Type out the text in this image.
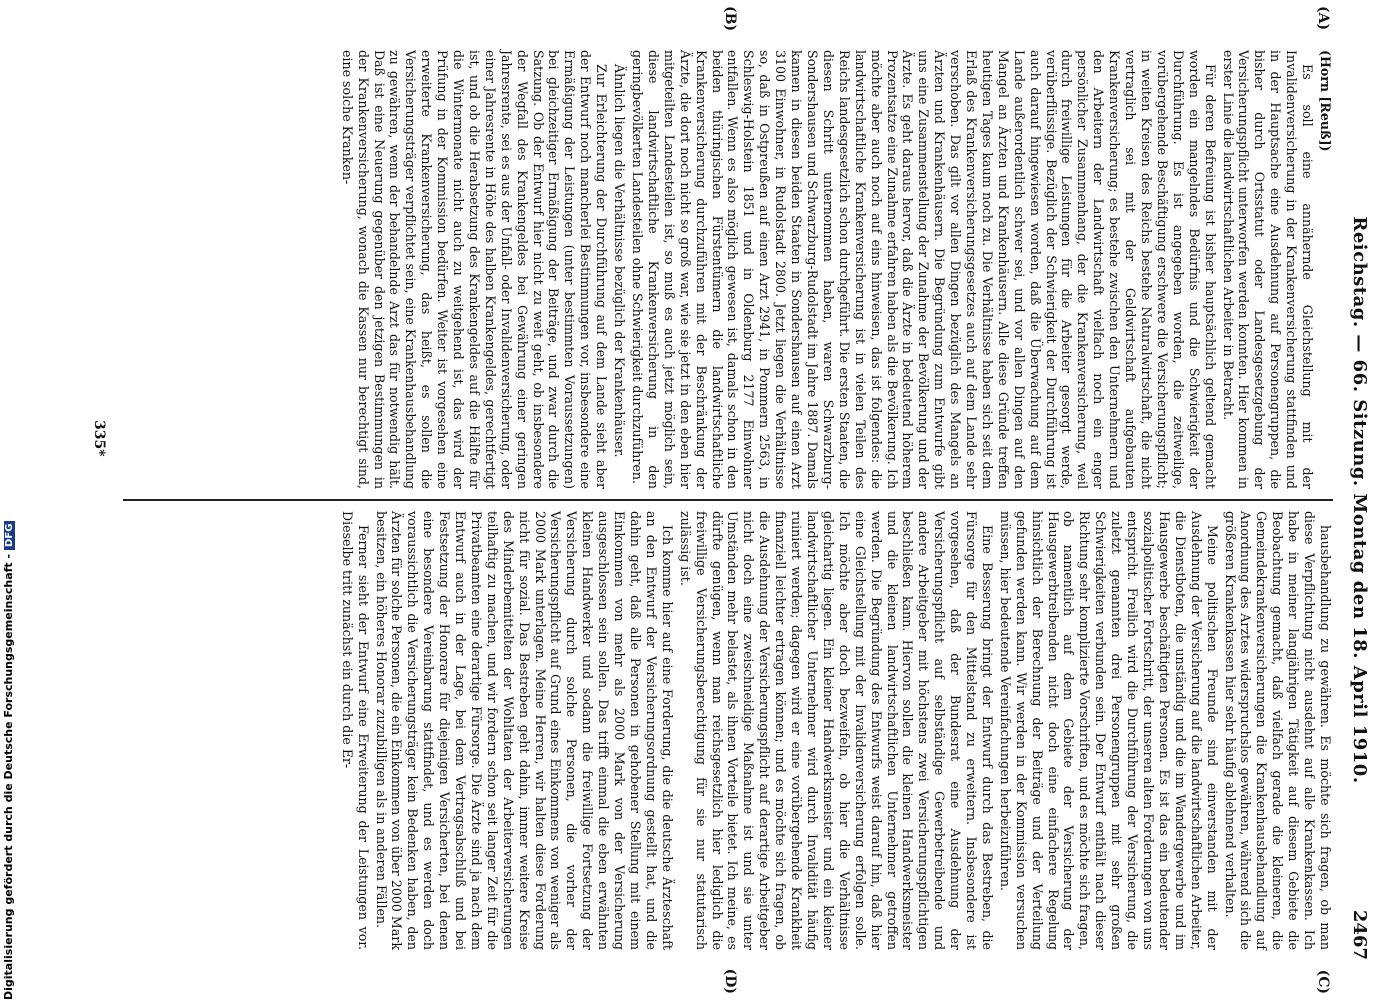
Digitalisierung gefördert durch die Deutsche Forschungsgemeinschaft -DFG	Reichstag. — 66. Sitzung. Montag den 18. April 1910.
2467
(A)
(B)
(C)
(D)

(Horn [Reuß])

Es soll eine annähernde Gleichstellung mit der Invalidenversicherung in der Krankenversicherung stattfinden und in der Hauptsache eine Ausdehnung auf Personengruppen, die bisher durch Ortsstatut oder Landesgesetzgebung der Versicherungspflicht unterworfen werden konnten. Hier kommen in erster Linie die landwirtschaftlichen Arbeiter in Betracht.

Für deren Befreiung ist bisher hauptsächlich geltend gemacht worden ein mangelndes Bedürfnis und die Schwierigkeit der Durchführung. Es ist angegeben worden, die zeitweilige, vorübergehende Beschäftigung erschwere die Versicherungspflicht; in weiten Kreisen des Reichs bestehe Naturalwirtschaft, die nicht vertraglich sei mit der Geldwirtschaft aufgebauten Krankenversicherung; es bestehe zwischen den Unternehmern und den Arbeitern der Landwirtschaft vielfach noch ein enger persönlicher Zusammenhang, der die Krankenversicherung, weil durch freiwillige Leistungen für die Arbeiter gesorgt werde, verüberflüssige. Bezüglich der Schwierigkeit der Durchführung ist auch darauf hingewiesen worden, daß die Überwachung auf dem Lande außerordentlich schwer sei, und vor allen Dingen auf den Mangel an Ärzten und Krankenhäusern. Alle diese Gründe treffen heutigen Tages kaum noch zu. Die Verhältnisse haben sich seit dem Erlaß des Krankenversicherungsgesetzes auch auf dem Lande sehr verschoben. Das gilt vor allen Dingen bezüglich des Mangels an Ärzten und Krankenhäusern. Die Begründung zum Entwurfe gibt uns eine Zusammenstellung der Zunahme der Bevölkerung und der Ärzte. Es geht daraus hervor, daß die Ärzte in bedeutend höherem Prozentsatze eine Zunahme erfahren haben als die Bevölkerung. Ich möchte aber auch noch auf eins hinweisen, das ist folgendes: die landwirtschaftliche Krankenversicherung ist in vielen Teilen des Reichs landesgesetzlich schon durchgeführt. Die ersten Staaten, die diesen Schritt unternommen haben, waren Schwarzburg-Sondershausen und Schwarzburg-Rudolstadt im Jahre 1887. Damals kamen in diesen beiden Staaten in Sondershausen auf einen Arzt 3100 Einwohner, in Rudolstadt 2800. Jetzt liegen die Verhältnisse so, daß in Ostpreußen auf einen Arzt 2941, in Pommern 2563, in Schleswig-Holstein 1851 und in Oldenburg 2177 Einwohner entfallen. Wenn es also möglich gewesen ist, damals schon in den beiden thüringischen Fürstentümern die landwirtschaftliche Krankenversicherung durchzuführen mit der Beschränkung der Ärzte, die dort noch nicht so groß war, wie sie jetzt in den eben hier mitgeteilten Landesteilen ist, so muß es auch jetzt möglich sein, diese landwirtschaftliche Krankenversicherung in den geringbevölkerten Landesteilen ohne Schwierigkeit durchzuführen.

Ähnlich liegen die Verhältnisse bezüglich der Krankenhäuser.

Zur Erleichterung der Durchführung auf dem Lande sieht aber der Entwurf noch mancherlei Bestimmungen vor, insbesondere eine Ermäßigung der Leistungen (unter bestimmten Voraussetzungen) bei gleichzeitiger Ermäßigung der Beiträge, und zwar durch die Satzung. Ob der Entwurf hier nicht zu weit geht, ob insbesondere der Wegfall des Krankengeldes bei Gewährung einer geringen Jahresrente, sei es aus der Unfall- oder Invalidenversicherung, oder einer Jahresrente in Höhe des halben Krankengeldes, gerechtfertigt ist, und ob die Herabsetzung des Krankengeldes auf die Hälfte für die Wintermonate nicht auch zu weitgehend ist, das wird der Prüfung in der Kommission bedürfen. Weiter ist vorgesehen eine erweiterte Krankenversicherung, das heißt, es sollen die Versicherungsträger verpflichtet sein, eine Krankenhausbehandlung zu gewähren, wenn der behandelnde Arzt das für notwendig hält. Daß ist eine Neuerung gegenüber den jetzigen Bestimmungen in der Krankenversicherung, wonach die Kassen nur berechtigt sind, eine solche Kranken-

hausbehandlung zu gewähren. Es möchte sich fragen, ob man diese Verpflichtung nicht ausdehnt auf alle Krankenkassen. Ich habe in meiner langjährigen Tätigkeit auf diesem Gebiete die Beobachtung gemacht, daß vielfach gerade die kleineren, die Gemeindekrankenversicherungen die Krankenhausbehandlung auf Anordnung des Arztes widerspruchslos gewähren, während sich die größeren Krankenkassen hier sehr häufig ablehnend verhalten.

Meine politischen Freunde sind einverstanden mit der Ausdehnung der Versicherung auf die landwirtschaftlichen Arbeiter, die Dienstboten, die unständig und die im Wandergewerbe und im Hausgewerbe beschäftigten Personen. Es ist das ein bedeutender sozialpolitischer Fortschritt, der unseren alten Forderungen von uns entspricht. Freilich wird die Durchführung der Versicherung, die zuletzt genannten drei Personengruppen mit sehr großen Schwierigkeiten verbunden sein. Der Entwurf enthält nach dieser Richtung sehr komplizierte Vorschriften, und es möchte sich fragen, ob namentlich auf dem Gebiete der Versicherung der Hausgewerbtreibenden nicht doch eine einfachere Regelung hinsichtlich der Berechnung der Beiträge und der Verteilung gefunden werden kann. Wir werden in der Kommission versuchen müssen, hier bedeutende Vereinfachungen herbeizuführen.

Eine Besserung bringt der Entwurf durch das Bestreben, die Fürsorge für den Mittelstand zu erweitern. Insbesondere ist vorgesehen, daß der Bundesrat eine Ausdehnung der Versicherungspflicht auf selbständige Gewerbetreibende und andere Arbeitgeber mit höchstens zwei Versicherungspflichtigen beschließen kann. Hiervon sollen die kleinen Handwerksmeister und die kleinen landwirtschaftlichen Unternehmer getroffen werden. Die Begründung des Entwurfs weist darauf hin, daß hier eine Gleichstellung mit der Invalidenversicherung erfolgen solle. Ich möchte aber doch bezweifeln, ob hier die Verhältnisse gleichartig liegen. Ein kleiner Handwerksmeister und ein kleiner landwirtschaftlicher Unternehmer wird durch Invalidität häufig ruiniert werden; dagegen wird er eine vorübergehende Krankheit finanziell leichter ertragen können; und es möchte sich fragen, ob die Ausdehnung der Versicherungspflicht auf derartige Arbeitgeber nicht doch eine zweischneidige Maßnahme ist und sie unter Umständen mehr belastet, als ihnen Vorteile bietet. Ich meine, es dürfte genügen, wenn man reichsgesetzlich hier lediglich die freiwillige Versicherungsberechtigung für sie nur statutarisch zulässig ist.

Ich komme hier auf eine Forderung, die die deutsche Ärzteschaft an den Entwurf der Versicherungsordnung gestellt hat, und die dahin geht, daß alle Personen in gehobener Stellung mit einem Einkommen von mehr als 2000 Mark von der Versicherung ausgeschlossen sein sollen. Das trifft einmal die eben erwähnten kleinen Handwerker und sodann die freiwillige Fortsetzung der Versicherung durch solche Personen, die vorher der Versicherungspflicht auf Grund eines Einkommens von weniger als 2000 Mark unterlagen. Meine Herren, wir halten diese Forderung nicht für sozial. Das Bestreben geht dahin, immer weitere Kreise des Minderbemittelten der Wohltaten der Arbeiterversicherungen teilhaftig zu machen, und wir fordern schon seit langer Zeit für die Privatbeamten eine derartige Fürsorge. Die Ärzte sind ja nach dem Entwurf auch in der Lage, bei dem Vertragsabschluß und bei Festsetzung der Honorare für diejenigen Versicherten, bei denen eine besondere Vereinbarung stattfindet, und es werden doch voraussichtlich die Versicherungsträger kein Bedenken haben, den Ärzten für solche Personen, die ein Einkommen von über 2000 Mark besitzen, ein höheres Honorar zuzubilligen als in anderen Fällen.

Ferner sieht der Entwurf eine Erweiterung der Leistungen vor. Dieselbe tritt zunächst ein durch die Er-

335*
